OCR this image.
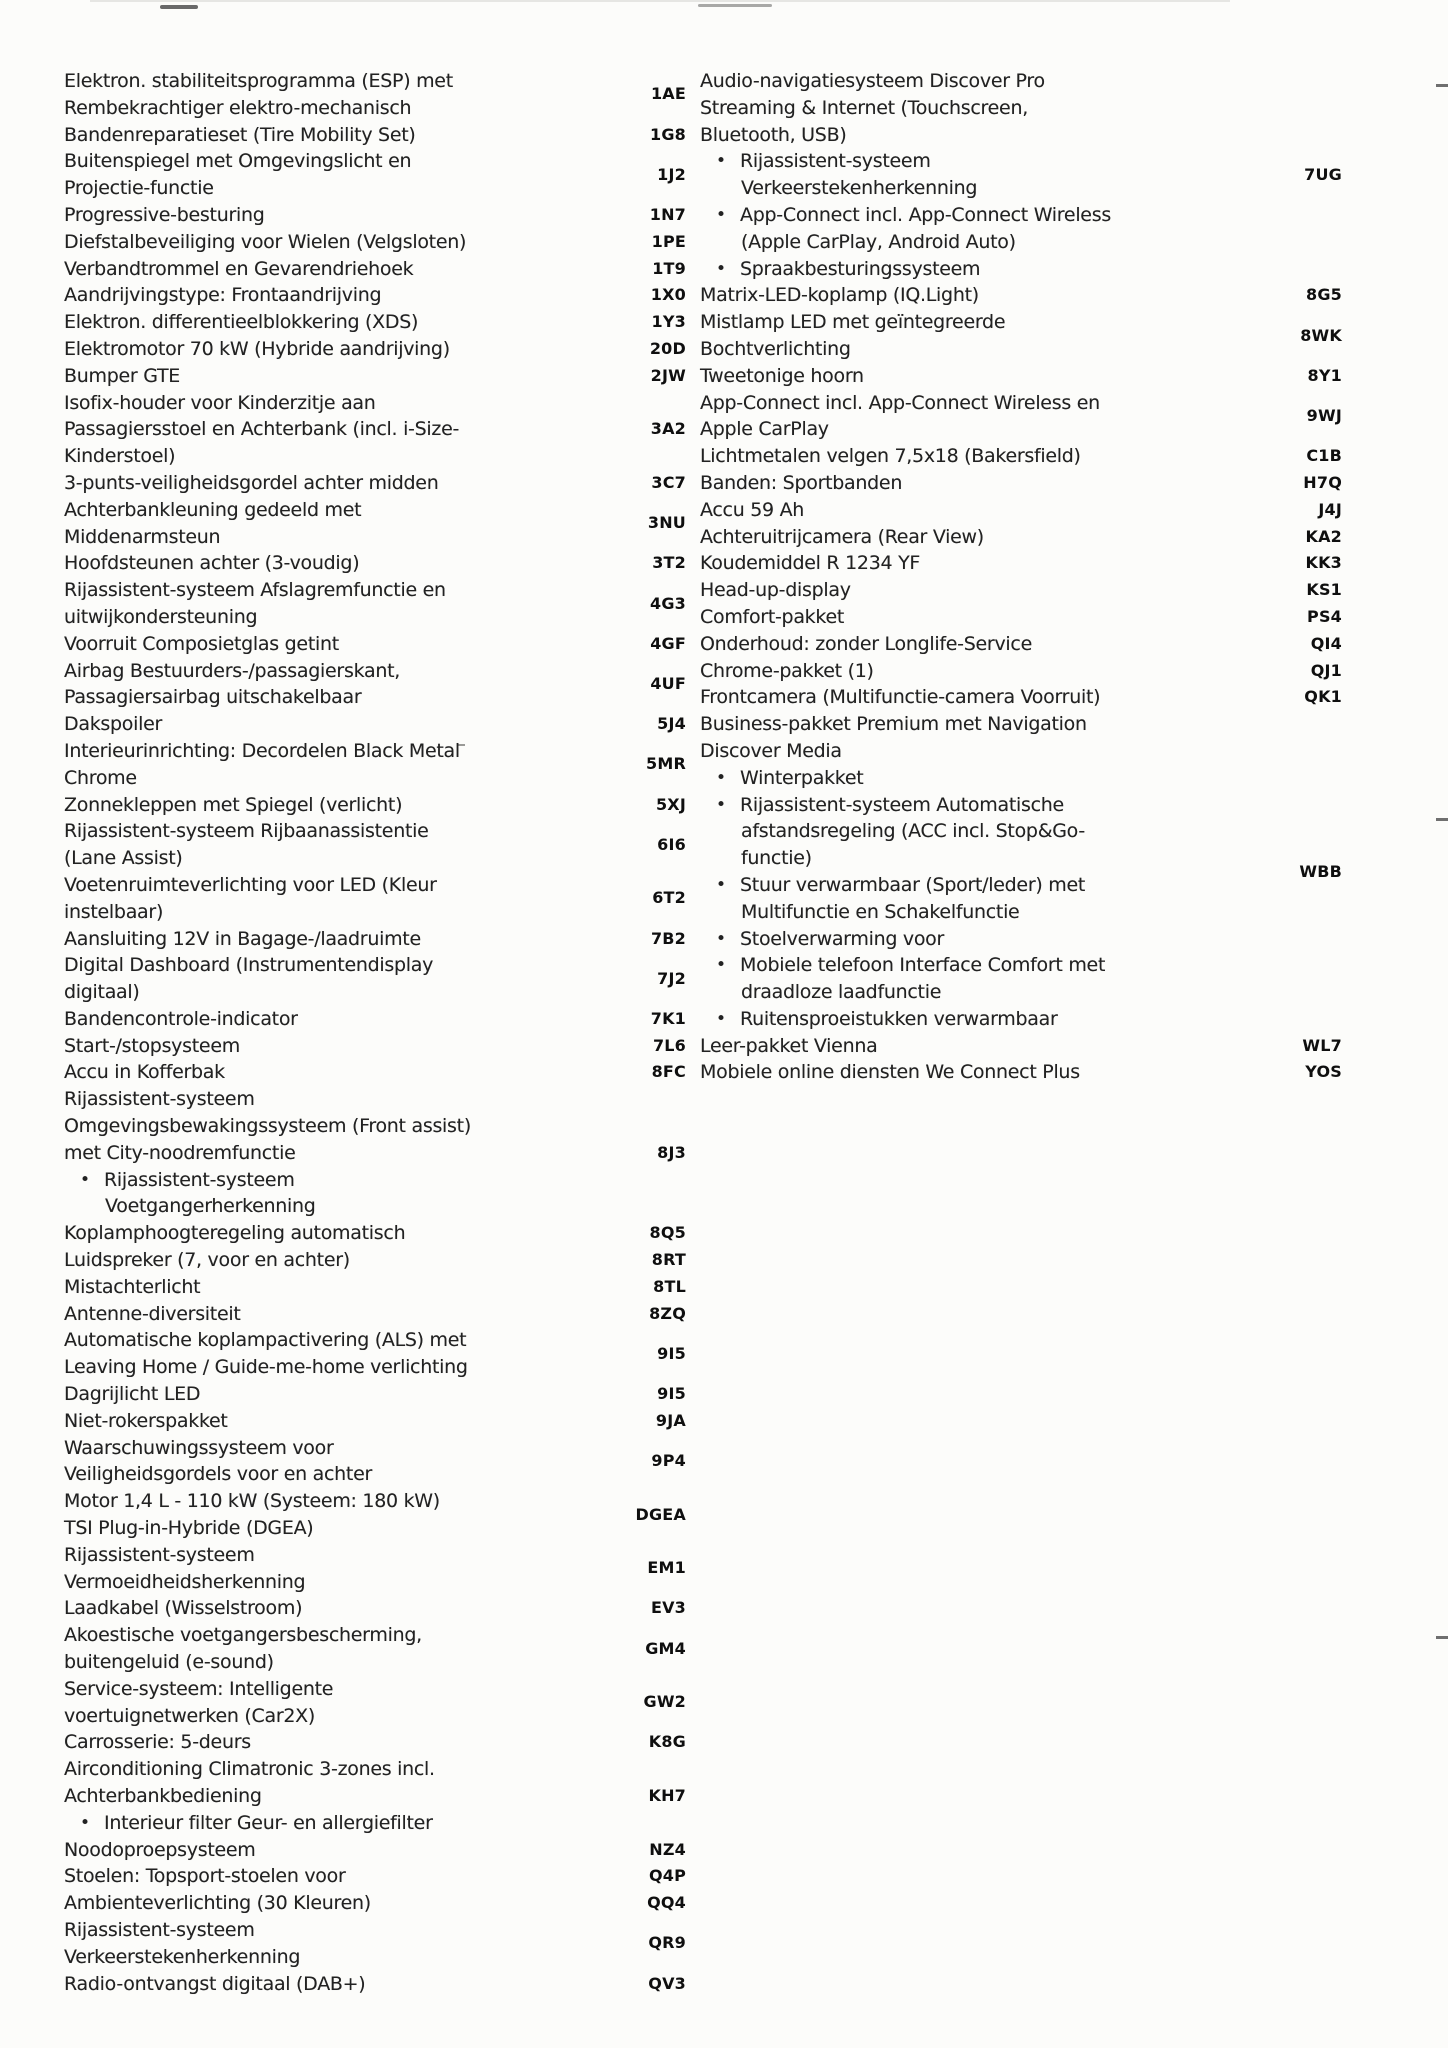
Elektron. stabiliteitsprogramma (ESP) met
Rembekrachtiger elektro-mechanisch
1AE
Bandenreparatieset (Tire Mobility Set)	1G8
Buitenspiegel met Omgevingslicht en
Projectie-functie
1J2
Progressive-besturing	1N7
Diefstalbeveiliging voor Wielen (Velgsloten)	1PE
Verbandtrommel en Gevarendriehoek	1T9
Aandrijvingstype: Frontaandrijving	1X0
Elektron. differentieelblokkering (XDS)	1Y3
Elektromotor 70 kW (Hybride aandrijving)	20D
Bumper GTE	2JW
Isofix-houder voor Kinderzitje aan
Passagiersstoel en Achterbank (incl. i-Size-
Kinderstoel)
3A2
3-punts-veiligheidsgordel achter midden	3C7
Achterbankleuning gedeeld met
Middenarmsteun
3NU
Hoofdsteunen achter (3-voudig)	3T2
Rijassistent-systeem Afslagremfunctie en
uitwijkondersteuning
4G3
Voorruit Composietglas getint	4GF
Airbag Bestuurders-/passagierskant,
Passagiersairbag uitschakelbaar
4UF
Dakspoiler	5J4
Interieurinrichting: Decordelen Black Metal
Chrome
5MR
Zonnekleppen met Spiegel (verlicht)	5XJ
Rijassistent-systeem Rijbaanassistentie
(Lane Assist)
6I6
Voetenruimteverlichting voor LED (Kleur
instelbaar)
6T2
Aansluiting 12V in Bagage-/laadruimte	7B2
Digital Dashboard (Instrumentendisplay
digitaal)
7J2
Bandencontrole-indicator	7K1
Start-/stopsysteem	7L6
Accu in Kofferbak	8FC
Rijassistent-systeem
Omgevingsbewakingssysteem (Front assist)
met City-noodremfunctie
• Rijassistent-systeem
Voetgangerherkenning
8J3
Koplamphoogteregeling automatisch	8Q5
Luidspreker (7, voor en achter)	8RT
Mistachterlicht	8TL
Antenne-diversiteit	8ZQ
Automatische koplampactivering (ALS) met
Leaving Home / Guide-me-home verlichting
9I5
Dagrijlicht LED	9I5
Niet-rokerspakket	9JA
Waarschuwingssysteem voor
Veiligheidsgordels voor en achter
9P4
Motor 1,4 L - 110 kW (Systeem: 180 kW)
TSI Plug-in-Hybride (DGEA)
DGEA
Rijassistent-systeem
Vermoeidheidsherkenning
EM1
Laadkabel (Wisselstroom)	EV3
Akoestische voetgangersbescherming,
buitengeluid (e-sound)
GM4
Service-systeem: Intelligente
voertuignetwerken (Car2X)
GW2
Carrosserie: 5-deurs	K8G
Airconditioning Climatronic 3-zones incl.
Achterbankbediening
• Interieur filter Geur- en allergiefilter
KH7
Noodoproepsysteem	NZ4
Stoelen: Topsport-stoelen voor	Q4P
Ambienteverlichting (30 Kleuren)	QQ4
Rijassistent-systeem
Verkeerstekenherkenning
QR9
Radio-ontvangst digitaal (DAB+)	QV3
Audio-navigatiesysteem Discover Pro
Streaming & Internet (Touchscreen,
Bluetooth, USB)
• Rijassistent-systeem
Verkeerstekenherkenning
• App-Connect incl. App-Connect Wireless
(Apple CarPlay, Android Auto)
• Spraakbesturingssysteem
7UG
Matrix-LED-koplamp (IQ.Light)	8G5
Mistlamp LED met geïntegreerde
Bochtverlichting
8WK
Tweetonige hoorn	8Y1
App-Connect incl. App-Connect Wireless en
Apple CarPlay
9WJ
Lichtmetalen velgen 7,5x18 (Bakersfield)	C1B
Banden: Sportbanden	H7Q
Accu 59 Ah	J4J
Achteruitrijcamera (Rear View)	KA2
Koudemiddel R 1234 YF	KK3
Head-up-display	KS1
Comfort-pakket	PS4
Onderhoud: zonder Longlife-Service	QI4
Chrome-pakket (1)	QJ1
Frontcamera (Multifunctie-camera Voorruit)	QK1
Business-pakket Premium met Navigation
Discover Media
• Winterpakket
• Rijassistent-systeem Automatische
afstandsregeling (ACC incl. Stop&Go-
functie)
• Stuur verwarmbaar (Sport/leder) met
Multifunctie en Schakelfunctie
• Stoelverwarming voor
• Mobiele telefoon Interface Comfort met
draadloze laadfunctie
• Ruitensproeistukken verwarmbaar
WBB
Leer-pakket Vienna	WL7
Mobiele online diensten We Connect Plus	YOS
